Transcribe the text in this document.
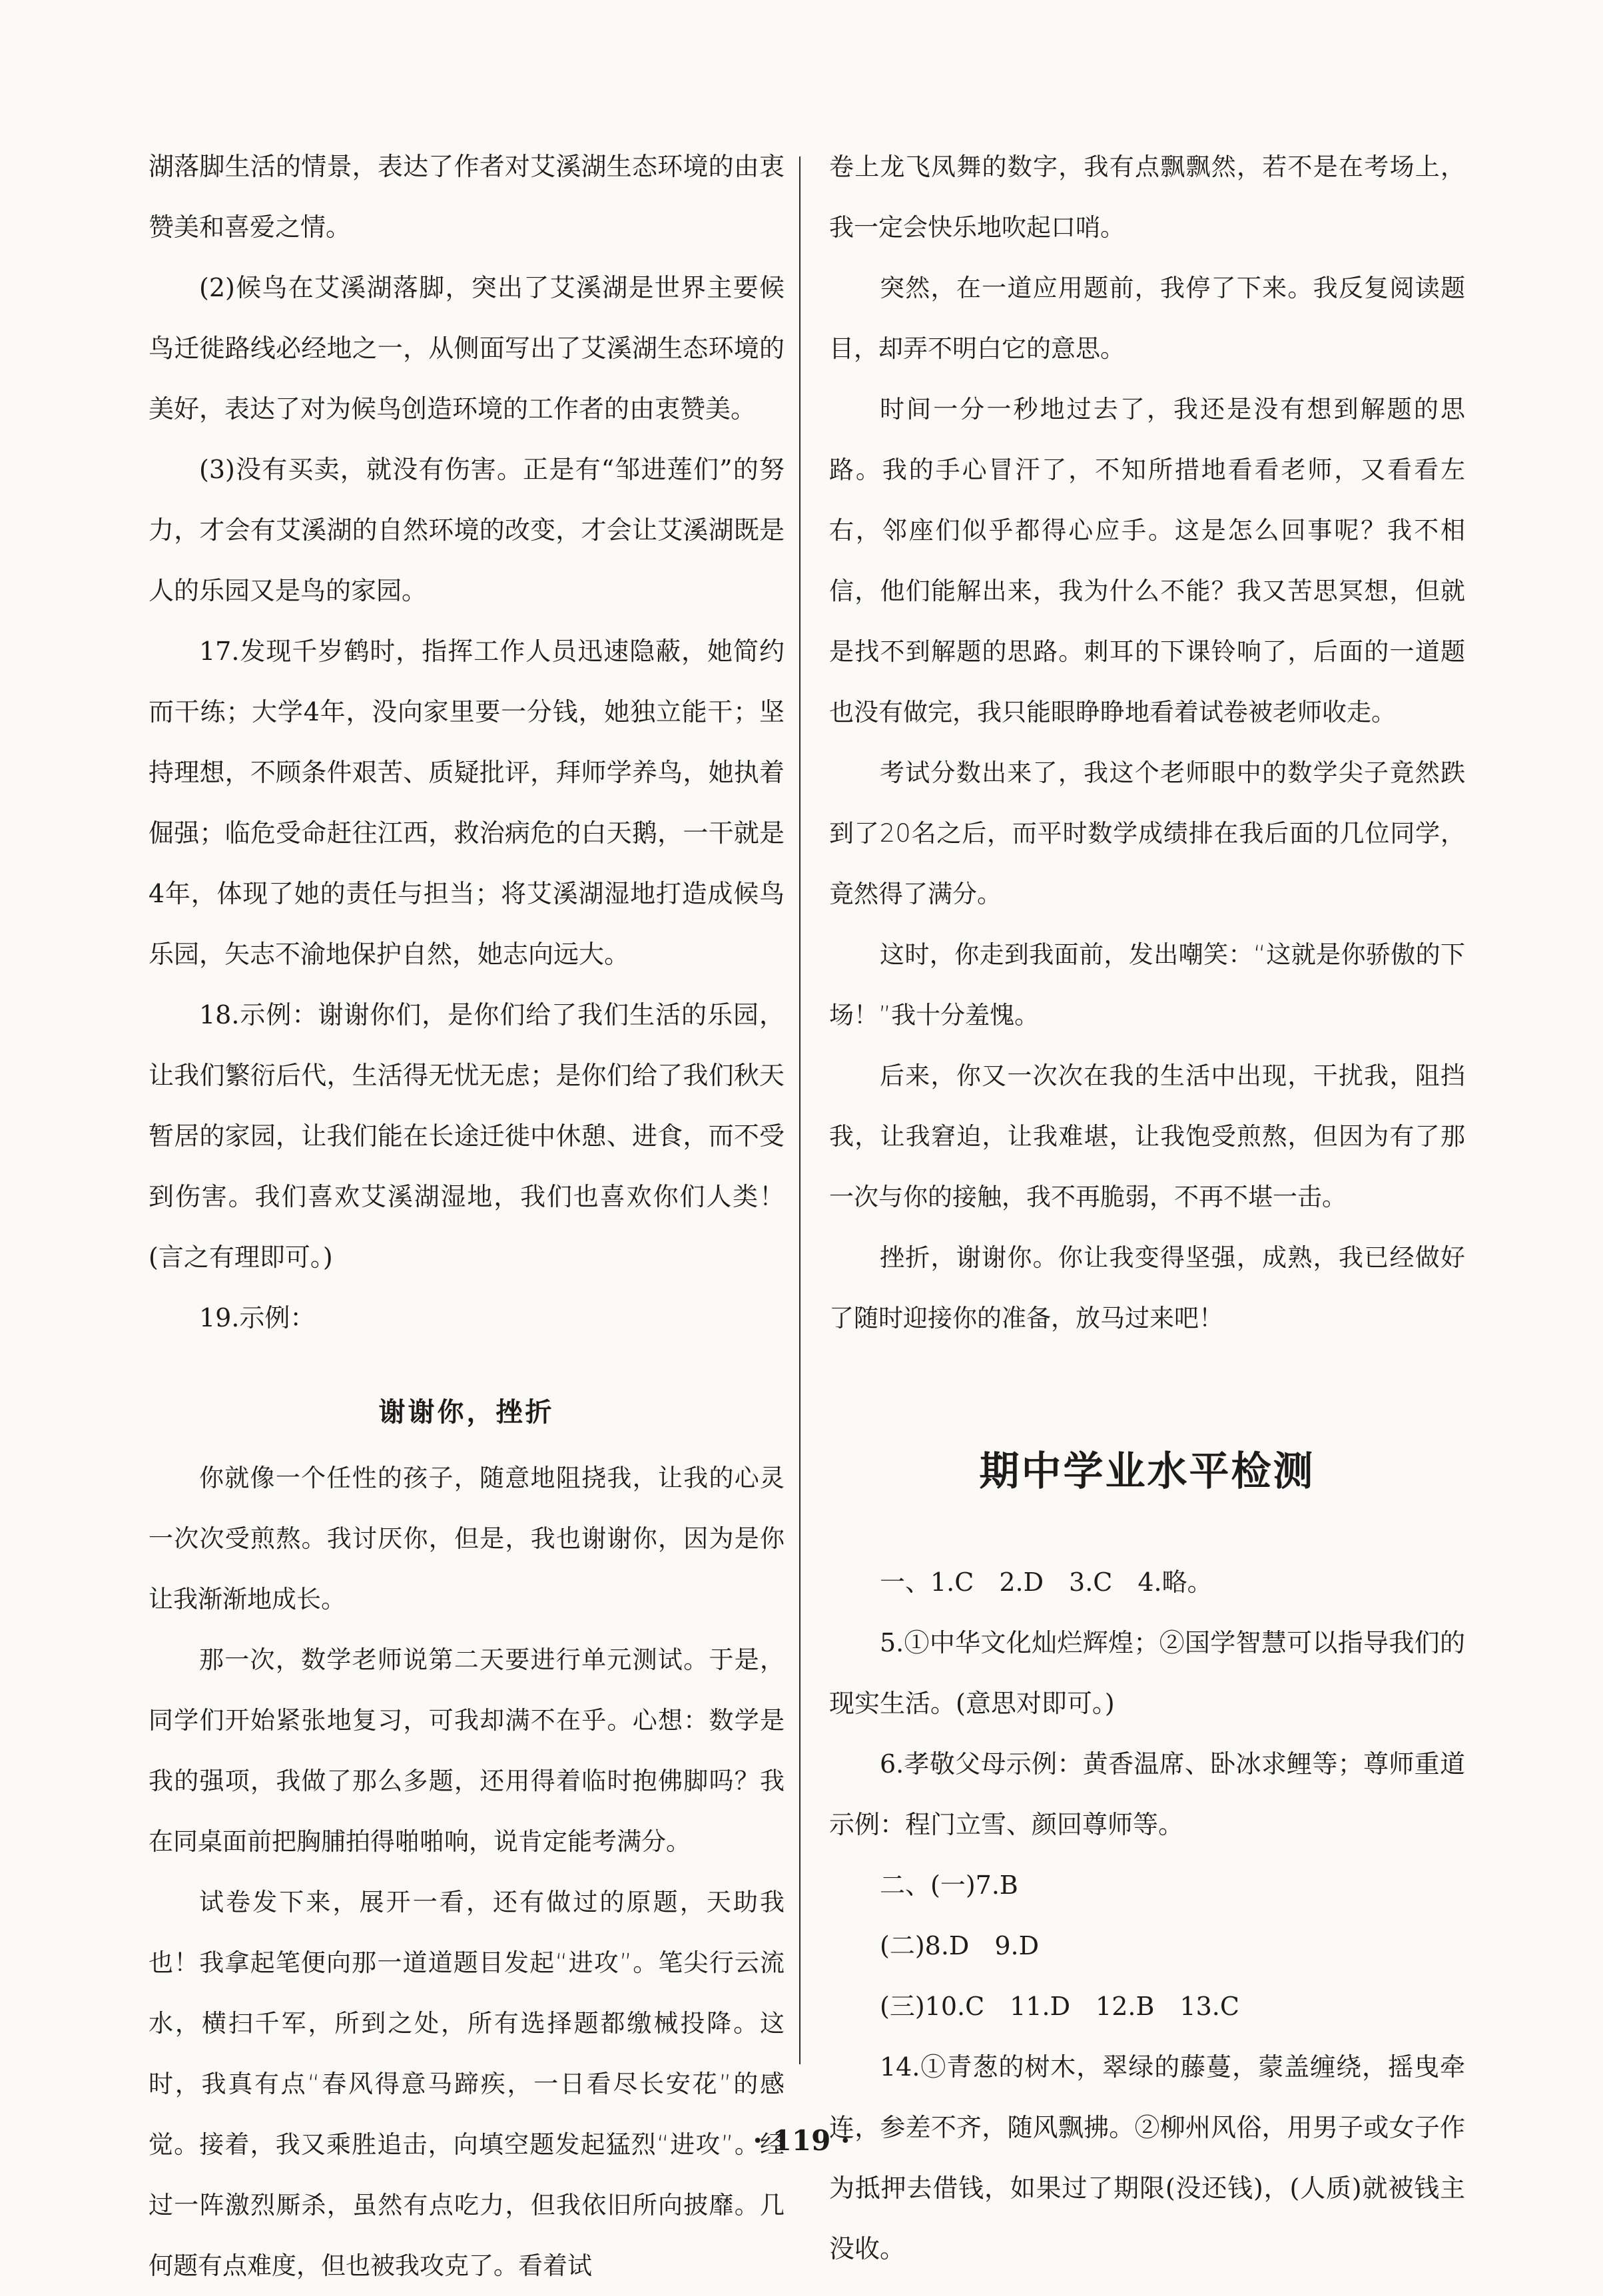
湖落脚生活的情景，表达了作者对艾溪湖生态环境的由衷赞美和喜爱之情。

(2)候鸟在艾溪湖落脚，突出了艾溪湖是世界主要候鸟迁徙路线必经地之一，从侧面写出了艾溪湖生态环境的美好，表达了对为候鸟创造环境的工作者的由衷赞美。

(3)没有买卖，就没有伤害。正是有“邹进莲们”的努力，才会有艾溪湖的自然环境的改变，才会让艾溪湖既是人的乐园又是鸟的家园。

17.发现千岁鹤时，指挥工作人员迅速隐蔽，她简约而干练；大学4年，没向家里要一分钱，她独立能干；坚持理想，不顾条件艰苦、质疑批评，拜师学养鸟，她执着倔强；临危受命赶往江西，救治病危的白天鹅，一干就是4年，体现了她的责任与担当；将艾溪湖湿地打造成候鸟乐园，矢志不渝地保护自然，她志向远大。

18.示例：谢谢你们，是你们给了我们生活的乐园，让我们繁衍后代，生活得无忧无虑；是你们给了我们秋天暂居的家园，让我们能在长途迁徙中休憩、进食，而不受到伤害。我们喜欢艾溪湖湿地，我们也喜欢你们人类！(言之有理即可。)

19.示例：

谢谢你，挫折

你就像一个任性的孩子，随意地阻挠我，让我的心灵一次次受煎熬。我讨厌你，但是，我也谢谢你，因为是你让我渐渐地成长。

那一次，数学老师说第二天要进行单元测试。于是，同学们开始紧张地复习，可我却满不在乎。心想：数学是我的强项，我做了那么多题，还用得着临时抱佛脚吗？我在同桌面前把胸脯拍得啪啪响，说肯定能考满分。

试卷发下来，展开一看，还有做过的原题，天助我也！我拿起笔便向那一道道题目发起“进攻”。笔尖行云流水，横扫千军，所到之处，所有选择题都缴械投降。这时，我真有点“春风得意马蹄疾，一日看尽长安花”的感觉。接着，我又乘胜追击，向填空题发起猛烈“进攻”。经过一阵激烈厮杀，虽然有点吃力，但我依旧所向披靡。几何题有点难度，但也被我攻克了。看着试

卷上龙飞凤舞的数字，我有点飘飘然，若不是在考场上，我一定会快乐地吹起口哨。

突然，在一道应用题前，我停了下来。我反复阅读题目，却弄不明白它的意思。

时间一分一秒地过去了，我还是没有想到解题的思路。我的手心冒汗了，不知所措地看看老师，又看看左右，邻座们似乎都得心应手。这是怎么回事呢？我不相信，他们能解出来，我为什么不能？我又苦思冥想，但就是找不到解题的思路。刺耳的下课铃响了，后面的一道题也没有做完，我只能眼睁睁地看着试卷被老师收走。

考试分数出来了，我这个老师眼中的数学尖子竟然跌到了20名之后，而平时数学成绩排在我后面的几位同学，竟然得了满分。

这时，你走到我面前，发出嘲笑：“这就是你骄傲的下场！”我十分羞愧。

后来，你又一次次在我的生活中出现，干扰我，阻挡我，让我窘迫，让我难堪，让我饱受煎熬，但因为有了那一次与你的接触，我不再脆弱，不再不堪一击。

挫折，谢谢你。你让我变得坚强，成熟，我已经做好了随时迎接你的准备，放马过来吧！

期中学业水平检测

一、1.C　2.D　3.C　4.略。

5.①中华文化灿烂辉煌；②国学智慧可以指导我们的现实生活。(意思对即可。)

6.孝敬父母示例：黄香温席、卧冰求鲤等；尊师重道示例：程门立雪、颜回尊师等。

二、(一)7.B

(二)8.D　9.D

(三)10.C　11.D　12.B　13.C

14.①青葱的树木，翠绿的藤蔓，蒙盖缠绕，摇曳牵连，参差不齐，随风飘拂。②柳州风俗，用男子或女子作为抵押去借钱，如果过了期限(没还钱)，(人质)就被钱主没收。

· 119 ·
